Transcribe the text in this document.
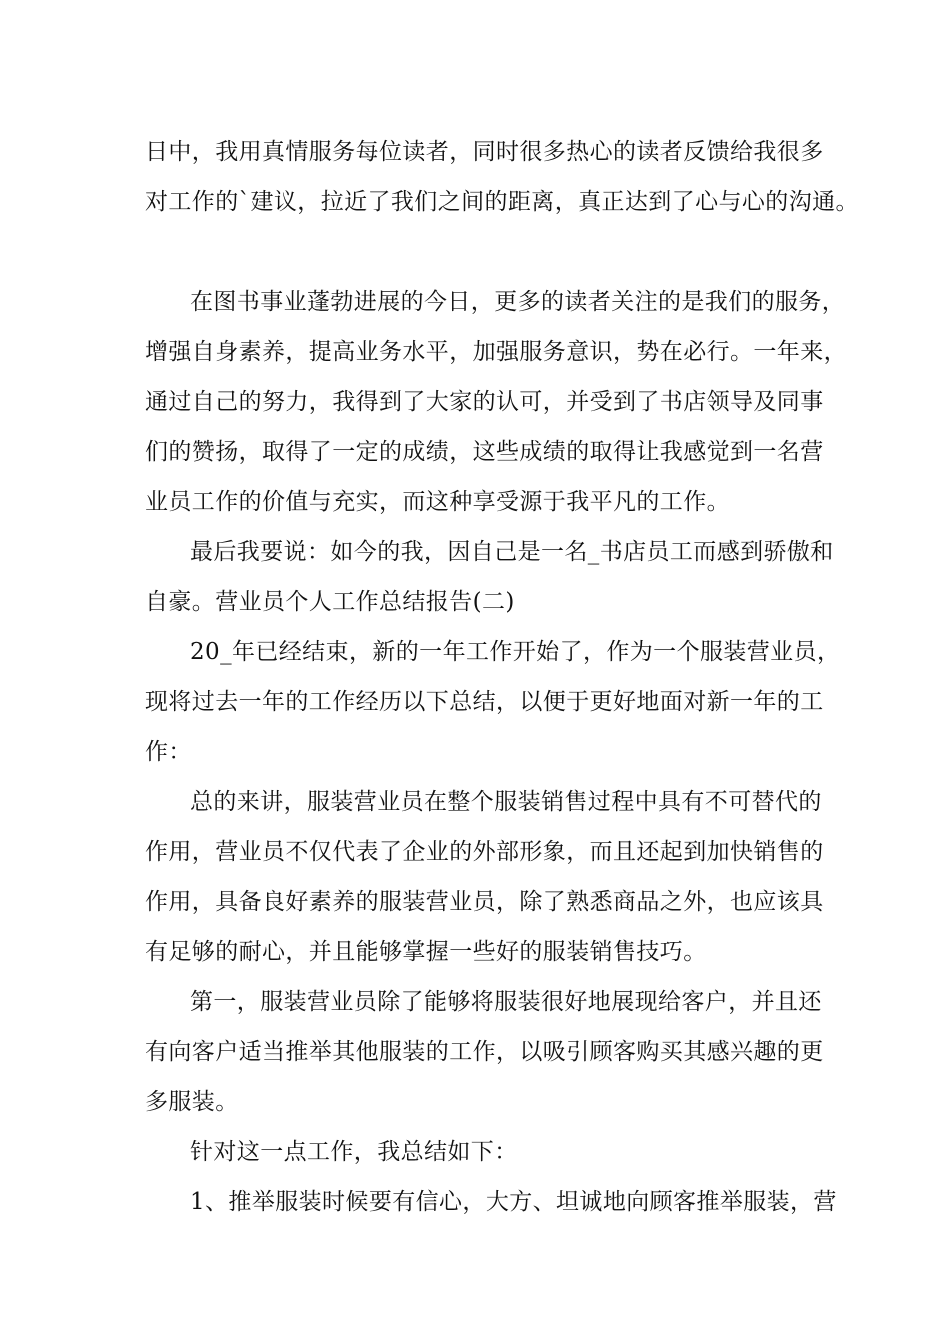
日中，我用真情服务每位读者，同时很多热心的读者反馈给我很多
对工作的`建议，拉近了我们之间的距离，真正达到了心与心的沟通。
在图书事业蓬勃进展的今日，更多的读者关注的是我们的服务，
增强自身素养，提高业务水平，加强服务意识，势在必行。一年来，
通过自己的努力，我得到了大家的认可，并受到了书店领导及同事
们的赞扬，取得了一定的成绩，这些成绩的取得让我感觉到一名营
业员工作的价值与充实，而这种享受源于我平凡的工作。
最后我要说：如今的我，因自己是一名_书店员工而感到骄傲和
自豪。营业员个人工作总结报告(二)
20_年已经结束，新的一年工作开始了，作为一个服装营业员，
现将过去一年的工作经历以下总结，以便于更好地面对新一年的工
作：
总的来讲，服装营业员在整个服装销售过程中具有不可替代的
作用，营业员不仅代表了企业的外部形象，而且还起到加快销售的
作用，具备良好素养的服装营业员，除了熟悉商品之外，也应该具
有足够的耐心，并且能够掌握一些好的服装销售技巧。
第一，服装营业员除了能够将服装很好地展现给客户，并且还
有向客户适当推举其他服装的工作，以吸引顾客购买其感兴趣的更
多服装。
针对这一点工作，我总结如下：
1、推举服装时候要有信心，大方、坦诚地向顾客推举服装，营
